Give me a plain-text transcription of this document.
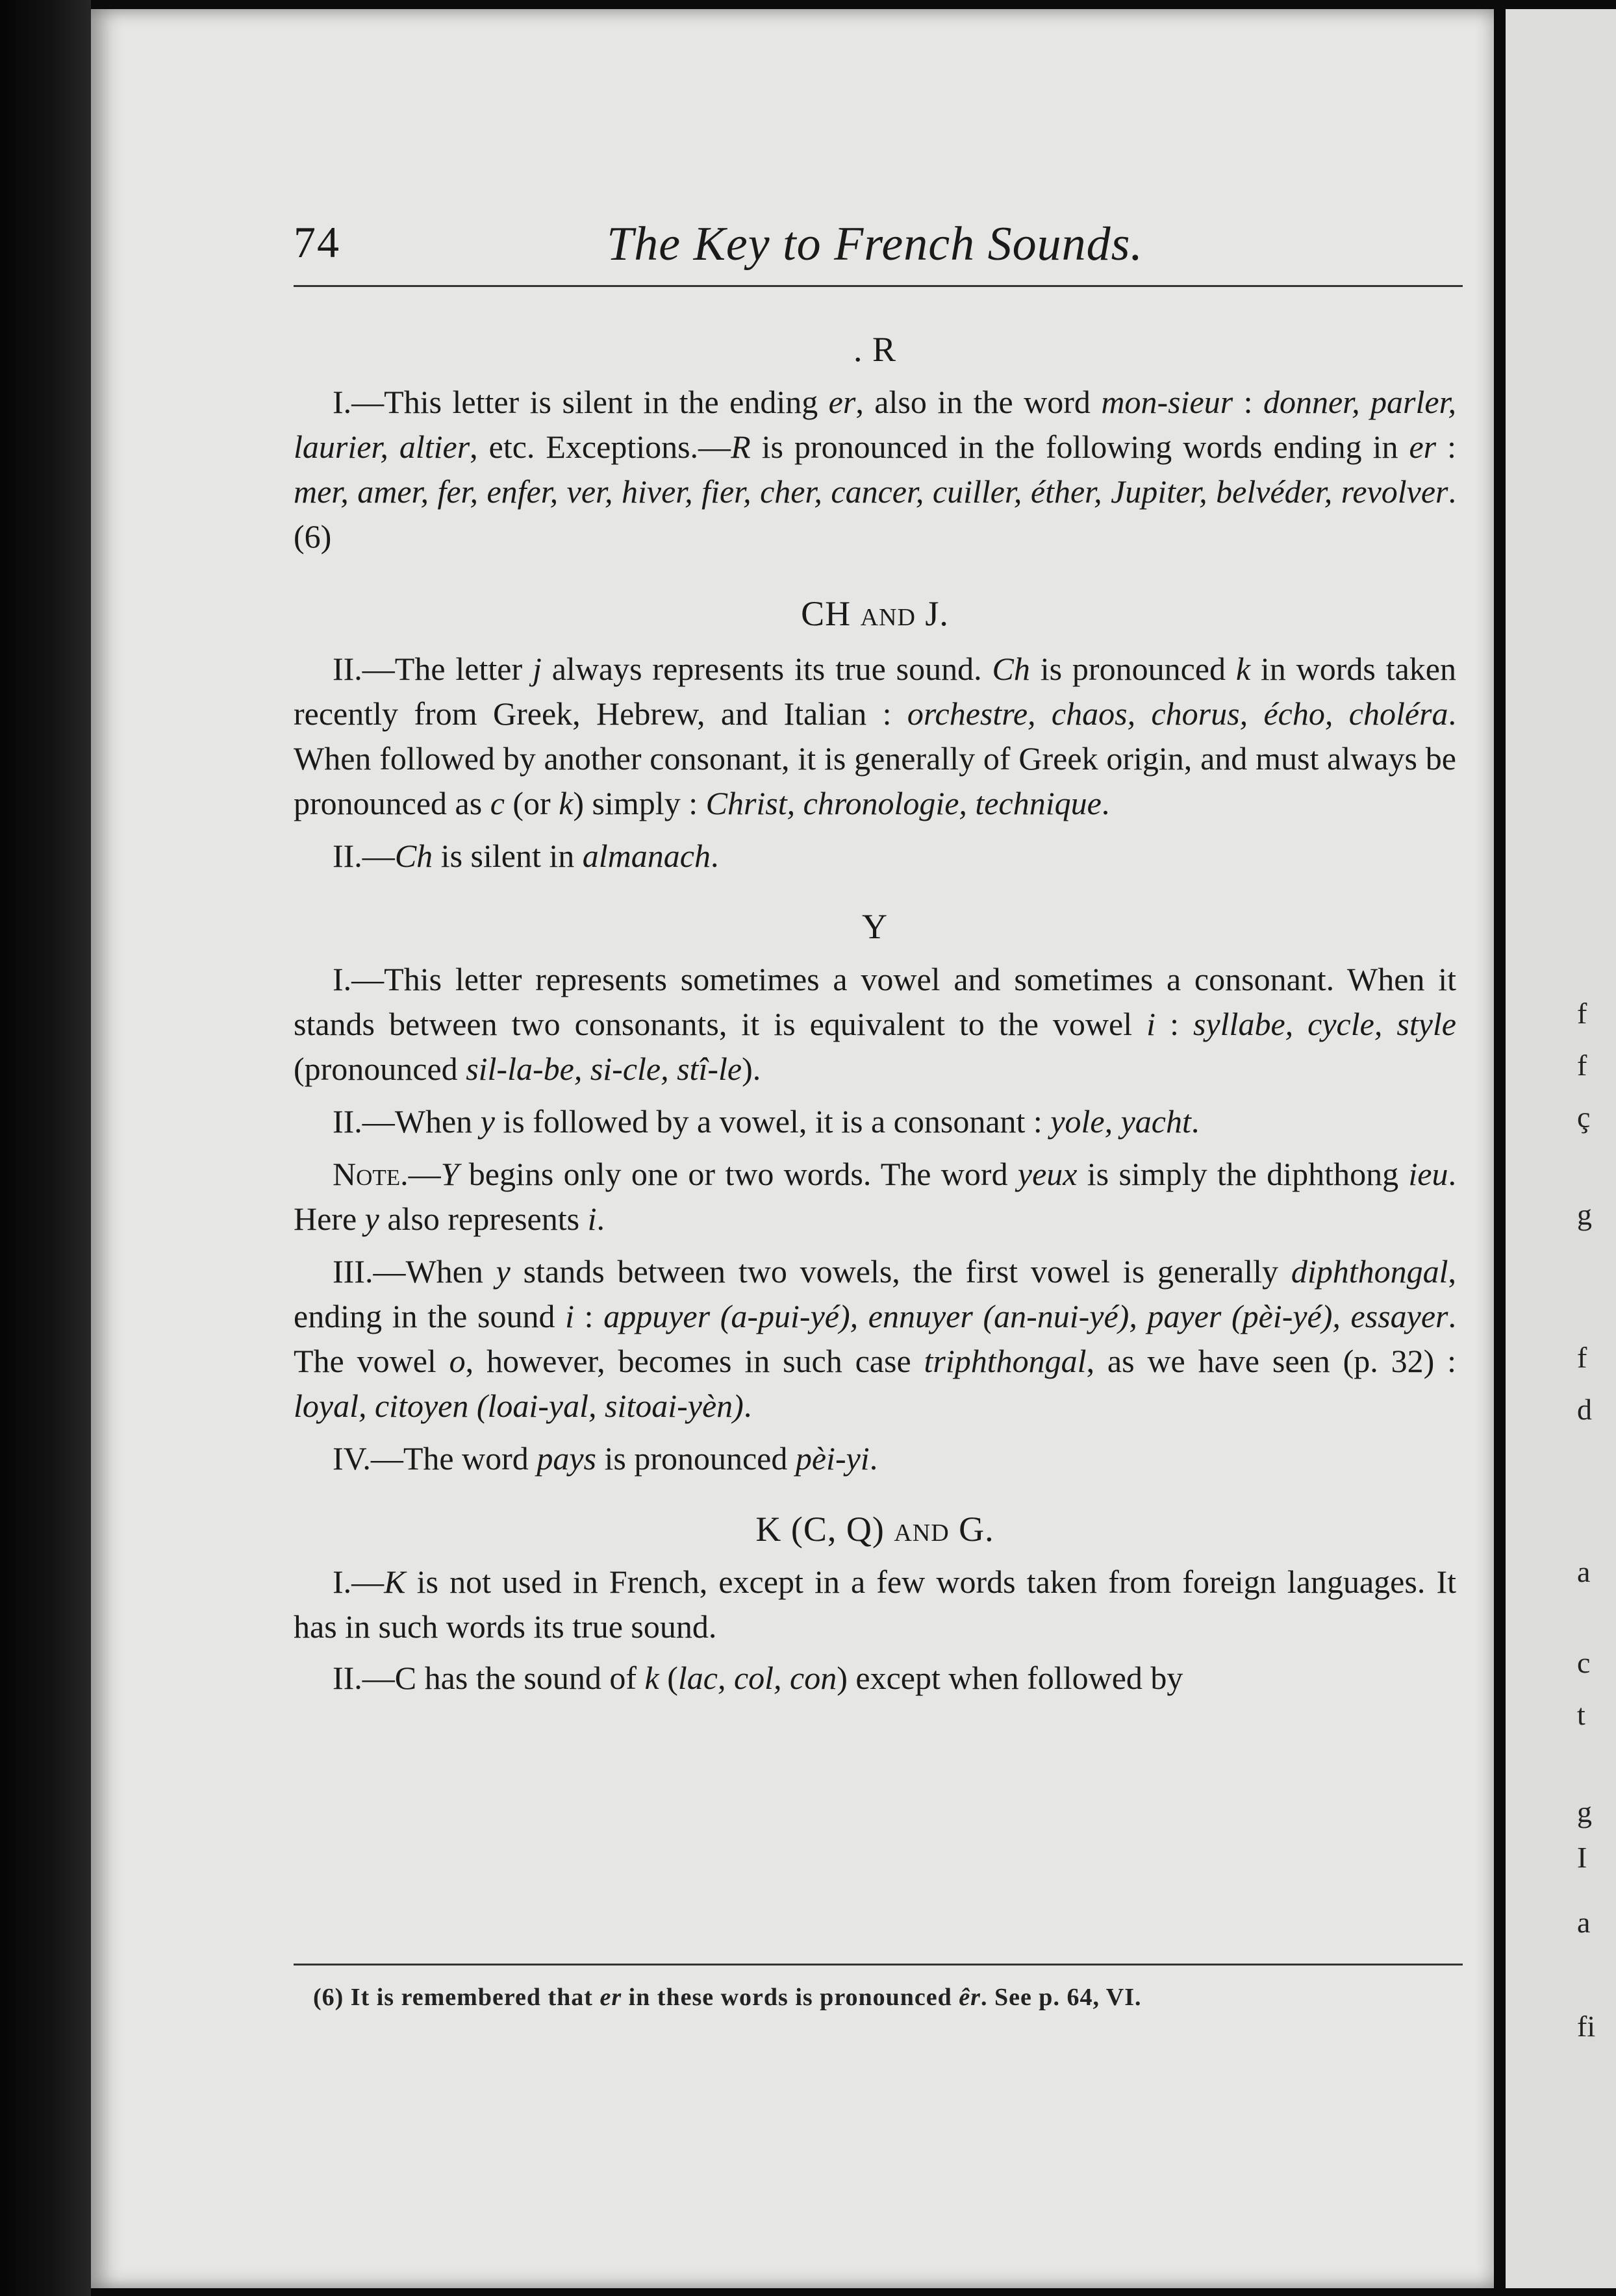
74	The Key to French Sounds.

. R

I.—This letter is silent in the ending er, also in the word mon-sieur : donner, parler, laurier, altier, etc. Exceptions.—R is pronounced in the following words ending in er : mer, amer, fer, enfer, ver, hiver, fier, cher, cancer, cuiller, éther, Jupiter, belvéder, revolver. (6)

CH and J.

II.—The letter j always represents its true sound. Ch is pronounced k in words taken recently from Greek, Hebrew, and Italian : orchestre, chaos, chorus, écho, choléra. When followed by another consonant, it is generally of Greek origin, and must always be pronounced as c (or k) simply : Christ, chronologie, technique.

II.—Ch is silent in almanach.

Y

I.—This letter represents sometimes a vowel and sometimes a consonant. When it stands between two consonants, it is equivalent to the vowel i : syllabe, cycle, style (pronounced sil-la-be, si-cle, stî-le).

II.—When y is followed by a vowel, it is a consonant : yole, yacht.

Note.—Y begins only one or two words. The word yeux is simply the diphthong ieu. Here y also represents i.

III.—When y stands between two vowels, the first vowel is generally diphthongal, ending in the sound i : appuyer (a-pui-yé), ennuyer (an-nui-yé), payer (pèi-yé), essayer. The vowel o, however, becomes in such case triphthongal, as we have seen (p. 32) : loyal, citoyen (loai-yal, sitoai-yèn).

IV.—The word pays is pronounced pèi-yi.

K (C, Q) and G.

I.—K is not used in French, except in a few words taken from foreign languages. It has in such words its true sound.

II.—C has the sound of k (lac, col, con) except when followed by

(6) It is remembered that er in these words is pronounced êr. See p. 64, VI.
f
f
ç
g
f
d
a
c
t
g
I
a
fi
